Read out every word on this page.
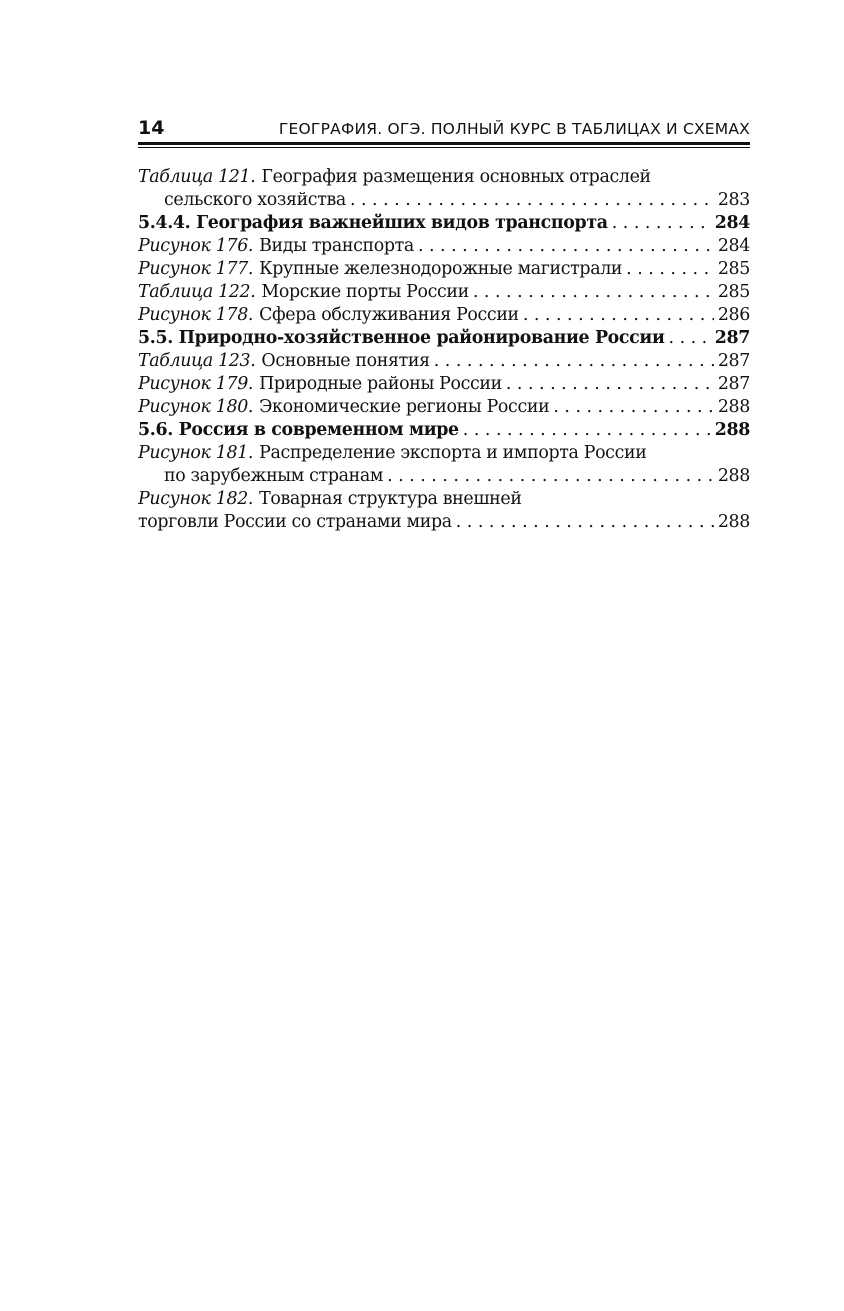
14	ГЕОГРАФИЯ. ОГЭ. ПОЛНЫЙ КУРС В ТАБЛИЦАХ И СХЕМАХ
Таблица 121. География размещения основных отраслей
сельского хозяйства . . .	283
5.4.4. География важнейших видов транспорта . . .	284
Рисунок 176. Виды транспорта . . .	284
Рисунок 177. Крупные железнодорожные магистрали . . .	285
Таблица 122. Морские порты России . . .	285
Рисунок 178. Сфера обслуживания России . . .	286
5.5. Природно-хозяйственное районирование России . . .	287
Таблица 123. Основные понятия . . .	287
Рисунок 179. Природные районы России . . .	287
Рисунок 180. Экономические регионы России . . .	288
5.6. Россия в современном мире . . .	288
Рисунок 181. Распределение экспорта и импорта России
по зарубежным странам . . .	288
Рисунок 182. Товарная структура внешней
торговли России со странами мира . . .	288
